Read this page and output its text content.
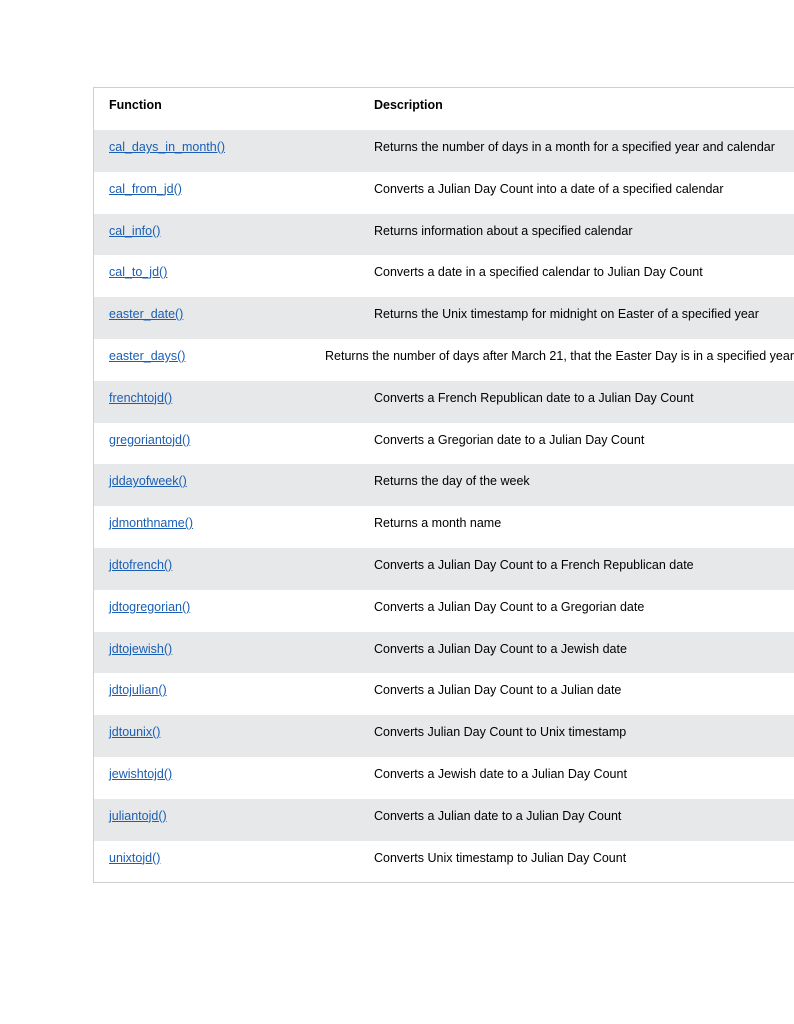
Function	Description
cal_days_in_month()	Returns the number of days in a month for a specified year and calendar
cal_from_jd()	Converts a Julian Day Count into a date of a specified calendar
cal_info()	Returns information about a specified calendar
cal_to_jd()	Converts a date in a specified calendar to Julian Day Count
easter_date()	Returns the Unix timestamp for midnight on Easter of a specified year
easter_days()	Returns the number of days after March 21, that the Easter Day is in a specified year
frenchtojd()	Converts a French Republican date to a Julian Day Count
gregoriantojd()	Converts a Gregorian date to a Julian Day Count
jddayofweek()	Returns the day of the week
jdmonthname()	Returns a month name
jdtofrench()	Converts a Julian Day Count to a French Republican date
jdtogregorian()	Converts a Julian Day Count to a Gregorian date
jdtojewish()	Converts a Julian Day Count to a Jewish date
jdtojulian()	Converts a Julian Day Count to a Julian date
jdtounix()	Converts Julian Day Count to Unix timestamp
jewishtojd()	Converts a Jewish date to a Julian Day Count
juliantojd()	Converts a Julian date to a Julian Day Count
unixtojd()	Converts Unix timestamp to Julian Day Count
